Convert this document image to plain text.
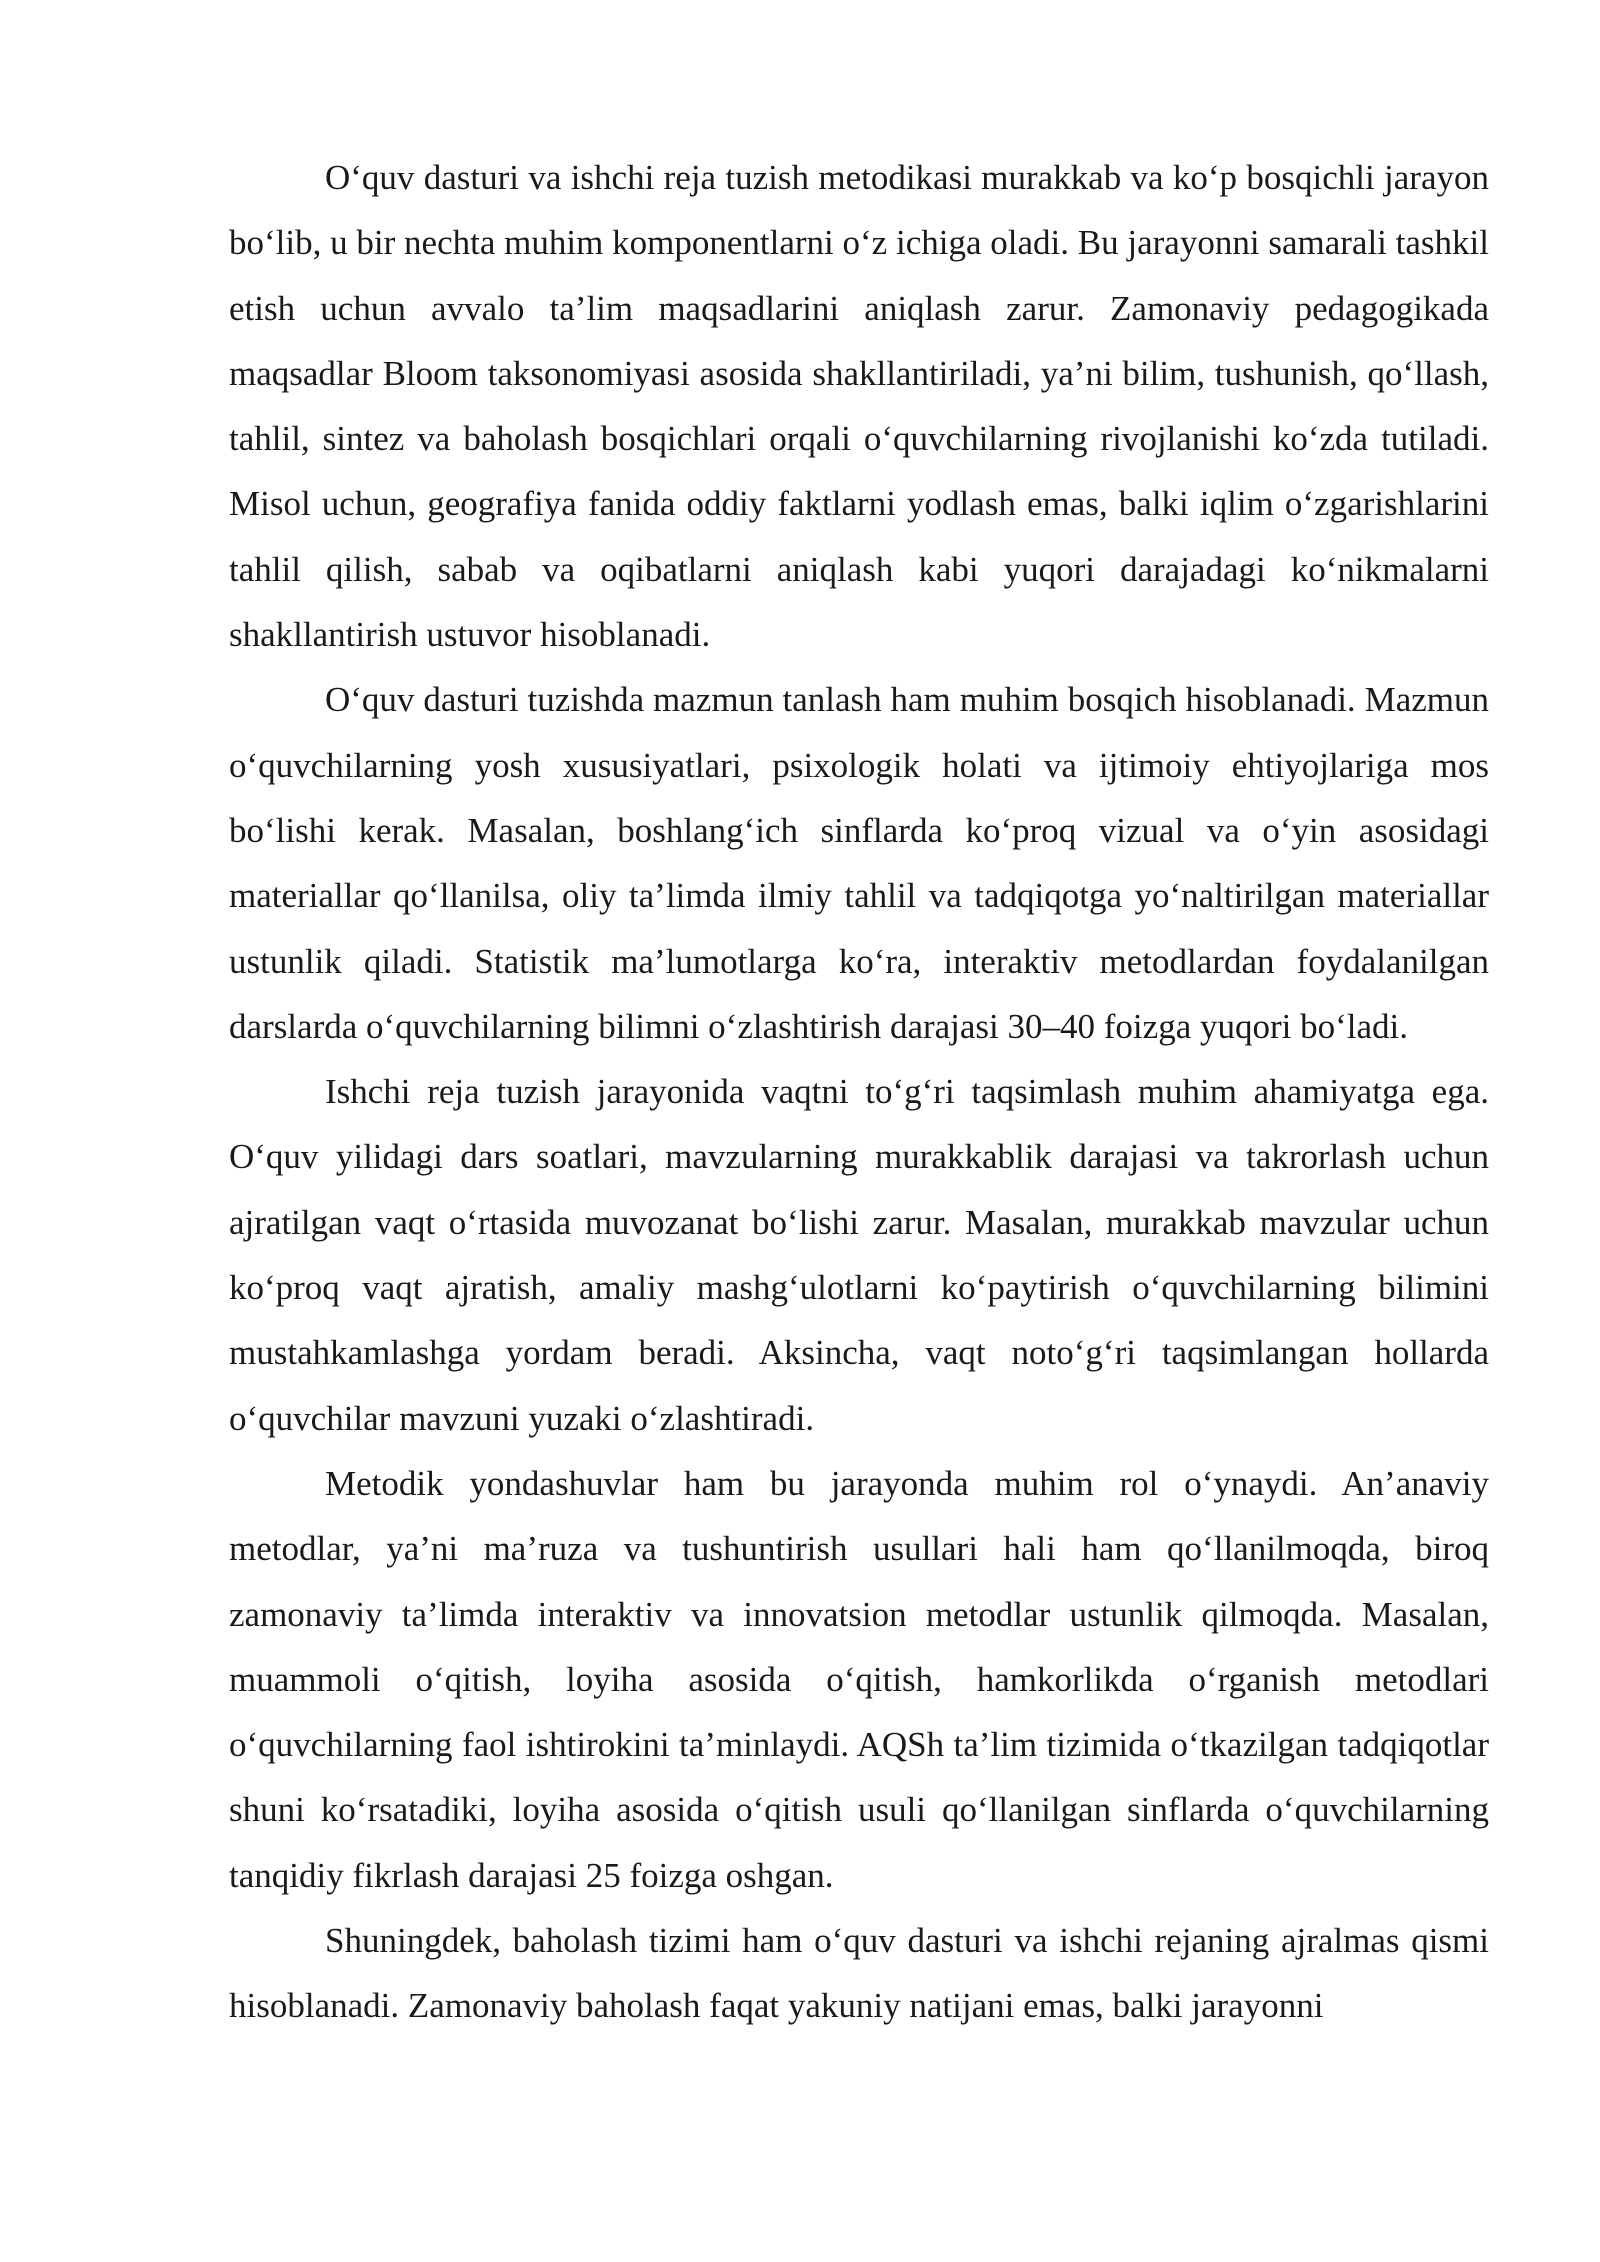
O‘quv dasturi va ishchi reja tuzish metodikasi murakkab va ko‘p bosqichli jarayon bo‘lib, u bir nechta muhim komponentlarni o‘z ichiga oladi. Bu jarayonni samarali tashkil etish uchun avvalo ta’lim maqsadlarini aniqlash zarur. Zamonaviy pedagogikada maqsadlar Bloom taksonomiyasi asosida shakllantiriladi, ya’ni bilim, tushunish, qo‘llash, tahlil, sintez va baholash bosqichlari orqali o‘quvchilarning rivojlanishi ko‘zda tutiladi. Misol uchun, geografiya fanida oddiy faktlarni yodlash emas, balki iqlim o‘zgarishlarini tahlil qilish, sabab va oqibatlarni aniqlash kabi yuqori darajadagi ko‘nikmalarni shakllantirish ustuvor hisoblanadi.

O‘quv dasturi tuzishda mazmun tanlash ham muhim bosqich hisoblanadi. Mazmun o‘quvchilarning yosh xususiyatlari, psixologik holati va ijtimoiy ehtiyojlariga mos bo‘lishi kerak. Masalan, boshlang‘ich sinflarda ko‘proq vizual va o‘yin asosidagi materiallar qo‘llanilsa, oliy ta’limda ilmiy tahlil va tadqiqotga yo‘naltirilgan materiallar ustunlik qiladi. Statistik ma’lumotlarga ko‘ra, interaktiv metodlardan foydalanilgan darslarda o‘quvchilarning bilimni o‘zlashtirish darajasi 30–40 foizga yuqori bo‘ladi.

Ishchi reja tuzish jarayonida vaqtni to‘g‘ri taqsimlash muhim ahamiyatga ega. O‘quv yilidagi dars soatlari, mavzularning murakkablik darajasi va takrorlash uchun ajratilgan vaqt o‘rtasida muvozanat bo‘lishi zarur. Masalan, murakkab mavzular uchun ko‘proq vaqt ajratish, amaliy mashg‘ulotlarni ko‘paytirish o‘quvchilarning bilimini mustahkamlashga yordam beradi. Aksincha, vaqt noto‘g‘ri taqsimlangan hollarda o‘quvchilar mavzuni yuzaki o‘zlashtiradi.

Metodik yondashuvlar ham bu jarayonda muhim rol o‘ynaydi. An’anaviy metodlar, ya’ni ma’ruza va tushuntirish usullari hali ham qo‘llanilmoqda, biroq zamonaviy ta’limda interaktiv va innovatsion metodlar ustunlik qilmoqda. Masalan, muammoli o‘qitish, loyiha asosida o‘qitish, hamkorlikda o‘rganish metodlari o‘quvchilarning faol ishtirokini ta’minlaydi. AQSh ta’lim tizimida o‘tkazilgan tadqiqotlar shuni ko‘rsatadiki, loyiha asosida o‘qitish usuli qo‘llanilgan sinflarda o‘quvchilarning tanqidiy fikrlash darajasi 25 foizga oshgan.

Shuningdek, baholash tizimi ham o‘quv dasturi va ishchi rejaning ajralmas qismi hisoblanadi. Zamonaviy baholash faqat yakuniy natijani emas, balki jarayonni
